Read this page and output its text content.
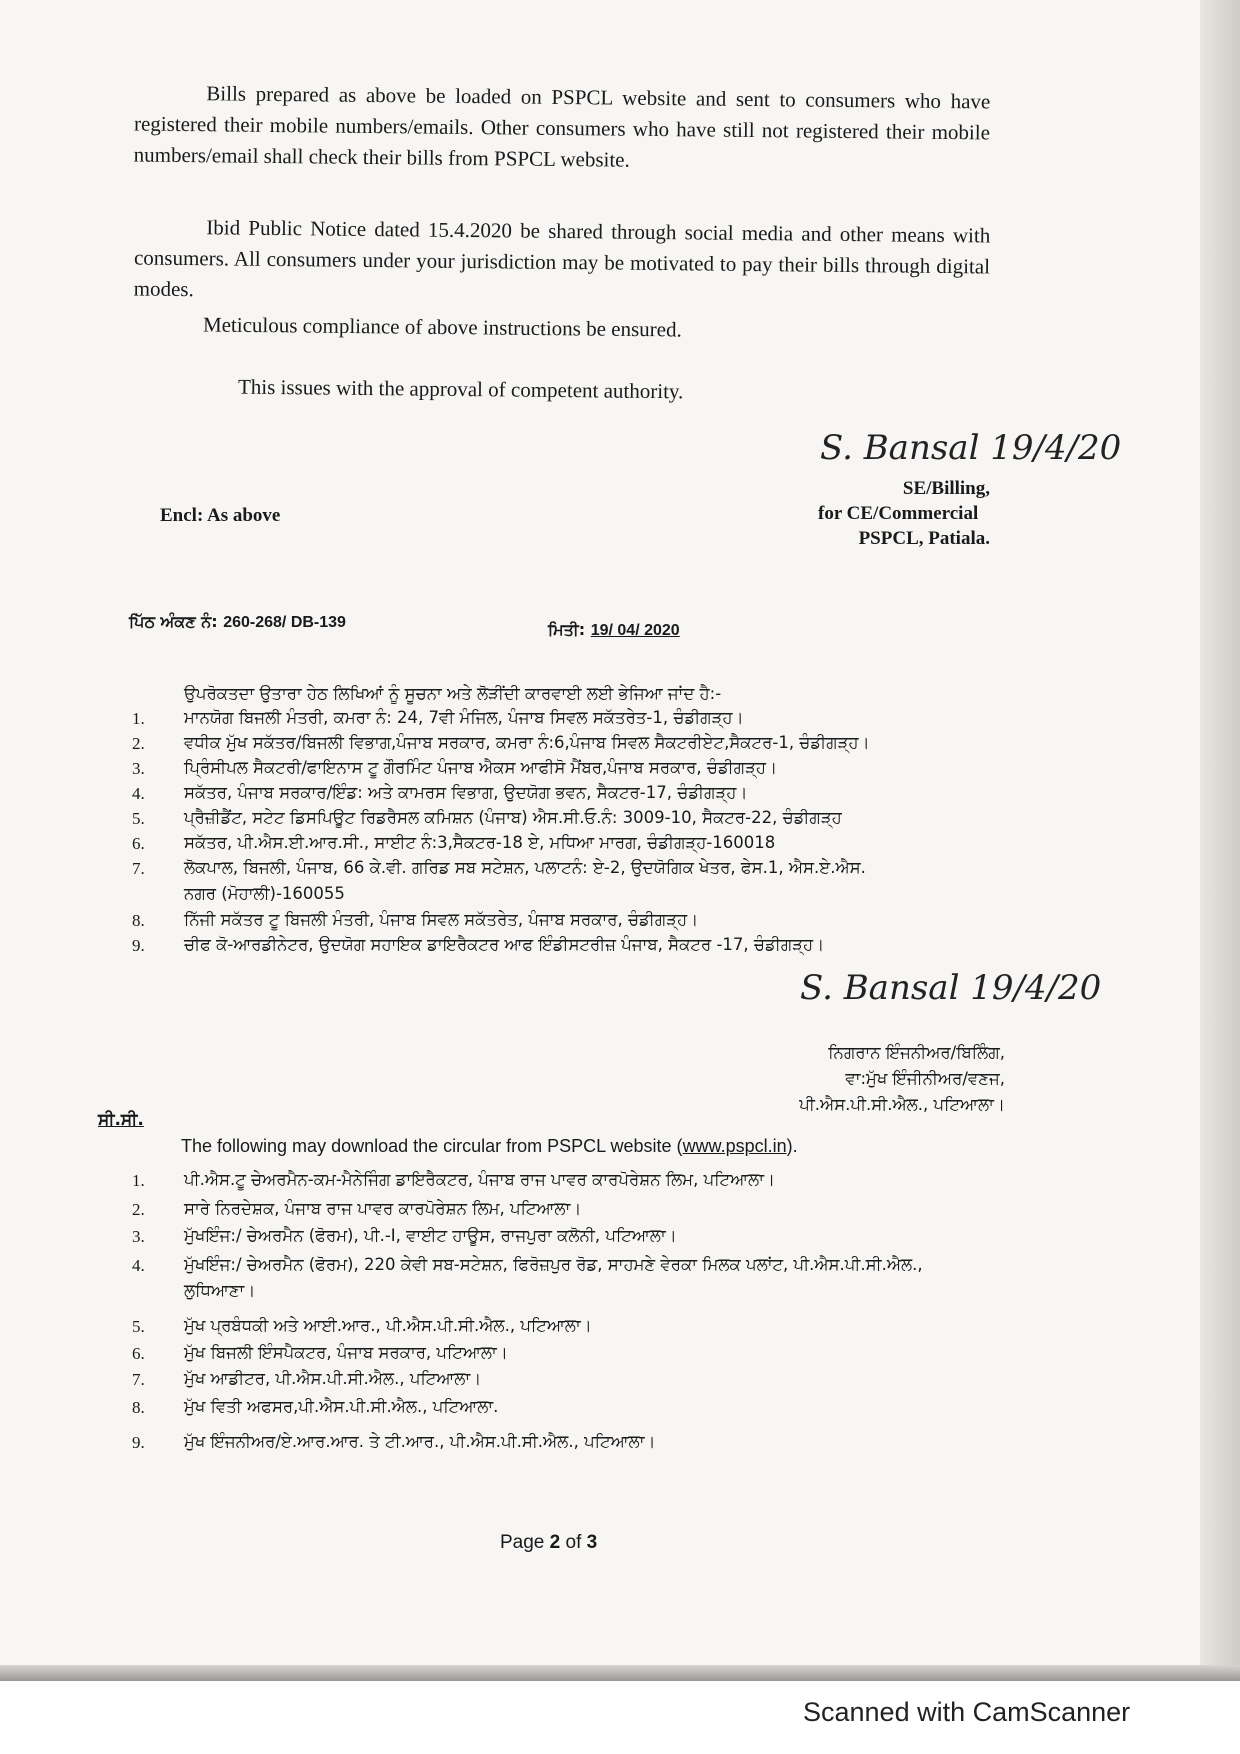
Bills prepared as above be loaded on PSPCL website and sent to consumers who have registered their mobile numbers/emails. Other consumers who have still not registered their mobile numbers/email shall check their bills from PSPCL website.
Ibid Public Notice dated 15.4.2020 be shared through social media and other means with consumers. All consumers under your jurisdiction may be motivated to pay their bills through digital modes.
Meticulous compliance of above instructions be ensured.
This issues with the approval of competent authority.
S. Bansal 19/4/20
SE/Billing,
for CE/Commercial
PSPCL, Patiala.
Encl: As above
ਪਿੱਠ ਅੰਕਣ ਨੰ: 260-268/ DB-139	ਮਿਤੀ: 19/ 04/ 2020
ਉਪਰੋਕਤਦਾ ਉਤਾਰਾ ਹੇਠ ਲਿਖਿਆਂ ਨੂੰ ਸੂਚਨਾ ਅਤੇ ਲੋੜੀਂਦੀ ਕਾਰਵਾਈ ਲਈ ਭੇਜਿਆ ਜਾਂਦ ਹੈ:-
1. ਮਾਨਯੋਗ ਬਿਜਲੀ ਮੰਤਰੀ, ਕਮਰਾ ਨੰ: 24, 7ਵੀ ਮੰਜਿਲ, ਪੰਜਾਬ ਸਿਵਲ ਸਕੱਤਰੇਤ-1, ਚੰਡੀਗੜ੍ਹ।
2. ਵਧੀਕ ਮੁੱਖ ਸਕੱਤਰ/ਬਿਜਲੀ ਵਿਭਾਗ,ਪੰਜਾਬ ਸਰਕਾਰ, ਕਮਰਾ ਨੰ:6,ਪੰਜਾਬ ਸਿਵਲ ਸੈਕਟਰੀਏਟ,ਸੈਕਟਰ-1, ਚੰਡੀਗੜ੍ਹ।
3. ਪ੍ਰਿੰਸੀਪਲ ਸੈਕਟਰੀ/ਫਾਇਨਾਸ ਟੂ ਗੌਰਮਿੰਟ ਪੰਜਾਬ ਐਕਸ ਆਫੀਸੋ ਮੈਂਬਰ,ਪੰਜਾਬ ਸਰਕਾਰ, ਚੰਡੀਗੜ੍ਹ।
4. ਸਕੱਤਰ, ਪੰਜਾਬ ਸਰਕਾਰ/ਇੰਡ: ਅਤੇ ਕਾਮਰਸ ਵਿਭਾਗ, ਉਦਯੋਗ ਭਵਨ, ਸੈਕਟਰ-17, ਚੰਡੀਗੜ੍ਹ।
5. ਪ੍ਰੈਜ਼ੀਡੈਂਟ, ਸਟੇਟ ਡਿਸਪਿਊਟ ਰਿਡਰੈਸਲ ਕਮਿਸ਼ਨ (ਪੰਜਾਬ) ਐਸ.ਸੀ.ਓ.ਨੰ: 3009-10, ਸੈਕਟਰ-22, ਚੰਡੀਗੜ੍ਹ
6. ਸਕੱਤਰ, ਪੀ.ਐਸ.ਈ.ਆਰ.ਸੀ., ਸਾਈਟ ਨੰ:3,ਸੈਕਟਰ-18 ਏ, ਮਧਿਆ ਮਾਰਗ, ਚੰਡੀਗੜ੍ਹ-160018
7. ਲੋਕਪਾਲ, ਬਿਜਲੀ, ਪੰਜਾਬ, 66 ਕੇ.ਵੀ. ਗਰਿਡ ਸਬ ਸਟੇਸ਼ਨ, ਪਲਾਟਨੰ: ਏ-2, ਉਦਯੋਗਿਕ ਖੇਤਰ, ਫੇਸ.1, ਐਸ.ਏ.ਐਸ.
ਨਗਰ (ਮੋਹਾਲੀ)-160055
8. ਨਿੱਜੀ ਸਕੱਤਰ ਟੂ ਬਿਜਲੀ ਮੰਤਰੀ, ਪੰਜਾਬ ਸਿਵਲ ਸਕੱਤਰੇਤ, ਪੰਜਾਬ ਸਰਕਾਰ, ਚੰਡੀਗੜ੍ਹ।
9. ਚੀਫ ਕੋ-ਆਰਡੀਨੇਟਰ, ਉਦਯੋਗ ਸਹਾਇਕ ਡਾਇਰੈਕਟਰ ਆਫ ਇੰਡੀਸਟਰੀਜ਼ ਪੰਜਾਬ, ਸੈਕਟਰ -17, ਚੰਡੀਗੜ੍ਹ।
S. Bansal 19/4/20
ਨਿਗਰਾਨ ਇੰਜਨੀਅਰ/ਬਿਲਿੰਗ,
ਵਾ:ਮੁੱਖ ਇੰਜੀਨੀਅਰ/ਵਣਜ,
ਪੀ.ਐਸ.ਪੀ.ਸੀ.ਐਲ., ਪਟਿਆਲਾ।
ਸੀ.ਸੀ.
The following may download the circular from PSPCL website (www.pspcl.in).
1. ਪੀ.ਐਸ.ਟੂ ਚੇਅਰਮੈਨ-ਕਮ-ਮੈਨੇਜਿੰਗ ਡਾਇਰੈਕਟਰ, ਪੰਜਾਬ ਰਾਜ ਪਾਵਰ ਕਾਰਪੋਰੇਸ਼ਨ ਲਿਮ, ਪਟਿਆਲਾ।
2. ਸਾਰੇ ਨਿਰਦੇਸ਼ਕ, ਪੰਜਾਬ ਰਾਜ ਪਾਵਰ ਕਾਰਪੋਰੇਸ਼ਨ ਲਿਮ, ਪਟਿਆਲਾ।
3. ਮੁੱਖਇੰਜ:/ ਚੇਅਰਮੈਨ (ਫੋਰਮ), ਪੀ.-I, ਵਾਈਟ ਹਾਊਸ, ਰਾਜਪੁਰਾ ਕਲੋਨੀ, ਪਟਿਆਲਾ।
4. ਮੁੱਖਇੰਜ:/ ਚੇਅਰਮੈਨ (ਫੋਰਮ), 220 ਕੇਵੀ ਸਬ-ਸਟੇਸ਼ਨ, ਫਿਰੋਜ਼ਪੁਰ ਰੋਡ, ਸਾਹਮਣੇ ਵੇਰਕਾ ਮਿਲਕ ਪਲਾਂਟ, ਪੀ.ਐਸ.ਪੀ.ਸੀ.ਐਲ.,
ਲੁਧਿਆਣਾ।
5. ਮੁੱਖ ਪ੍ਰਬੰਧਕੀ ਅਤੇ ਆਈ.ਆਰ., ਪੀ.ਐਸ.ਪੀ.ਸੀ.ਐਲ., ਪਟਿਆਲਾ।
6. ਮੁੱਖ ਬਿਜਲੀ ਇੰਸਪੈਕਟਰ, ਪੰਜਾਬ ਸਰਕਾਰ, ਪਟਿਆਲਾ।
7. ਮੁੱਖ ਆਡੀਟਰ, ਪੀ.ਐਸ.ਪੀ.ਸੀ.ਐਲ., ਪਟਿਆਲਾ।
8. ਮੁੱਖ ਵਿਤੀ ਅਫਸਰ,ਪੀ.ਐਸ.ਪੀ.ਸੀ.ਐਲ., ਪਟਿਆਲਾ.
9. ਮੁੱਖ ਇੰਜਨੀਅਰ/ਏ.ਆਰ.ਆਰ. ਤੇ ਟੀ.ਆਰ., ਪੀ.ਐਸ.ਪੀ.ਸੀ.ਐਲ., ਪਟਿਆਲਾ।
Page 2 of 3
Scanned with CamScanner
